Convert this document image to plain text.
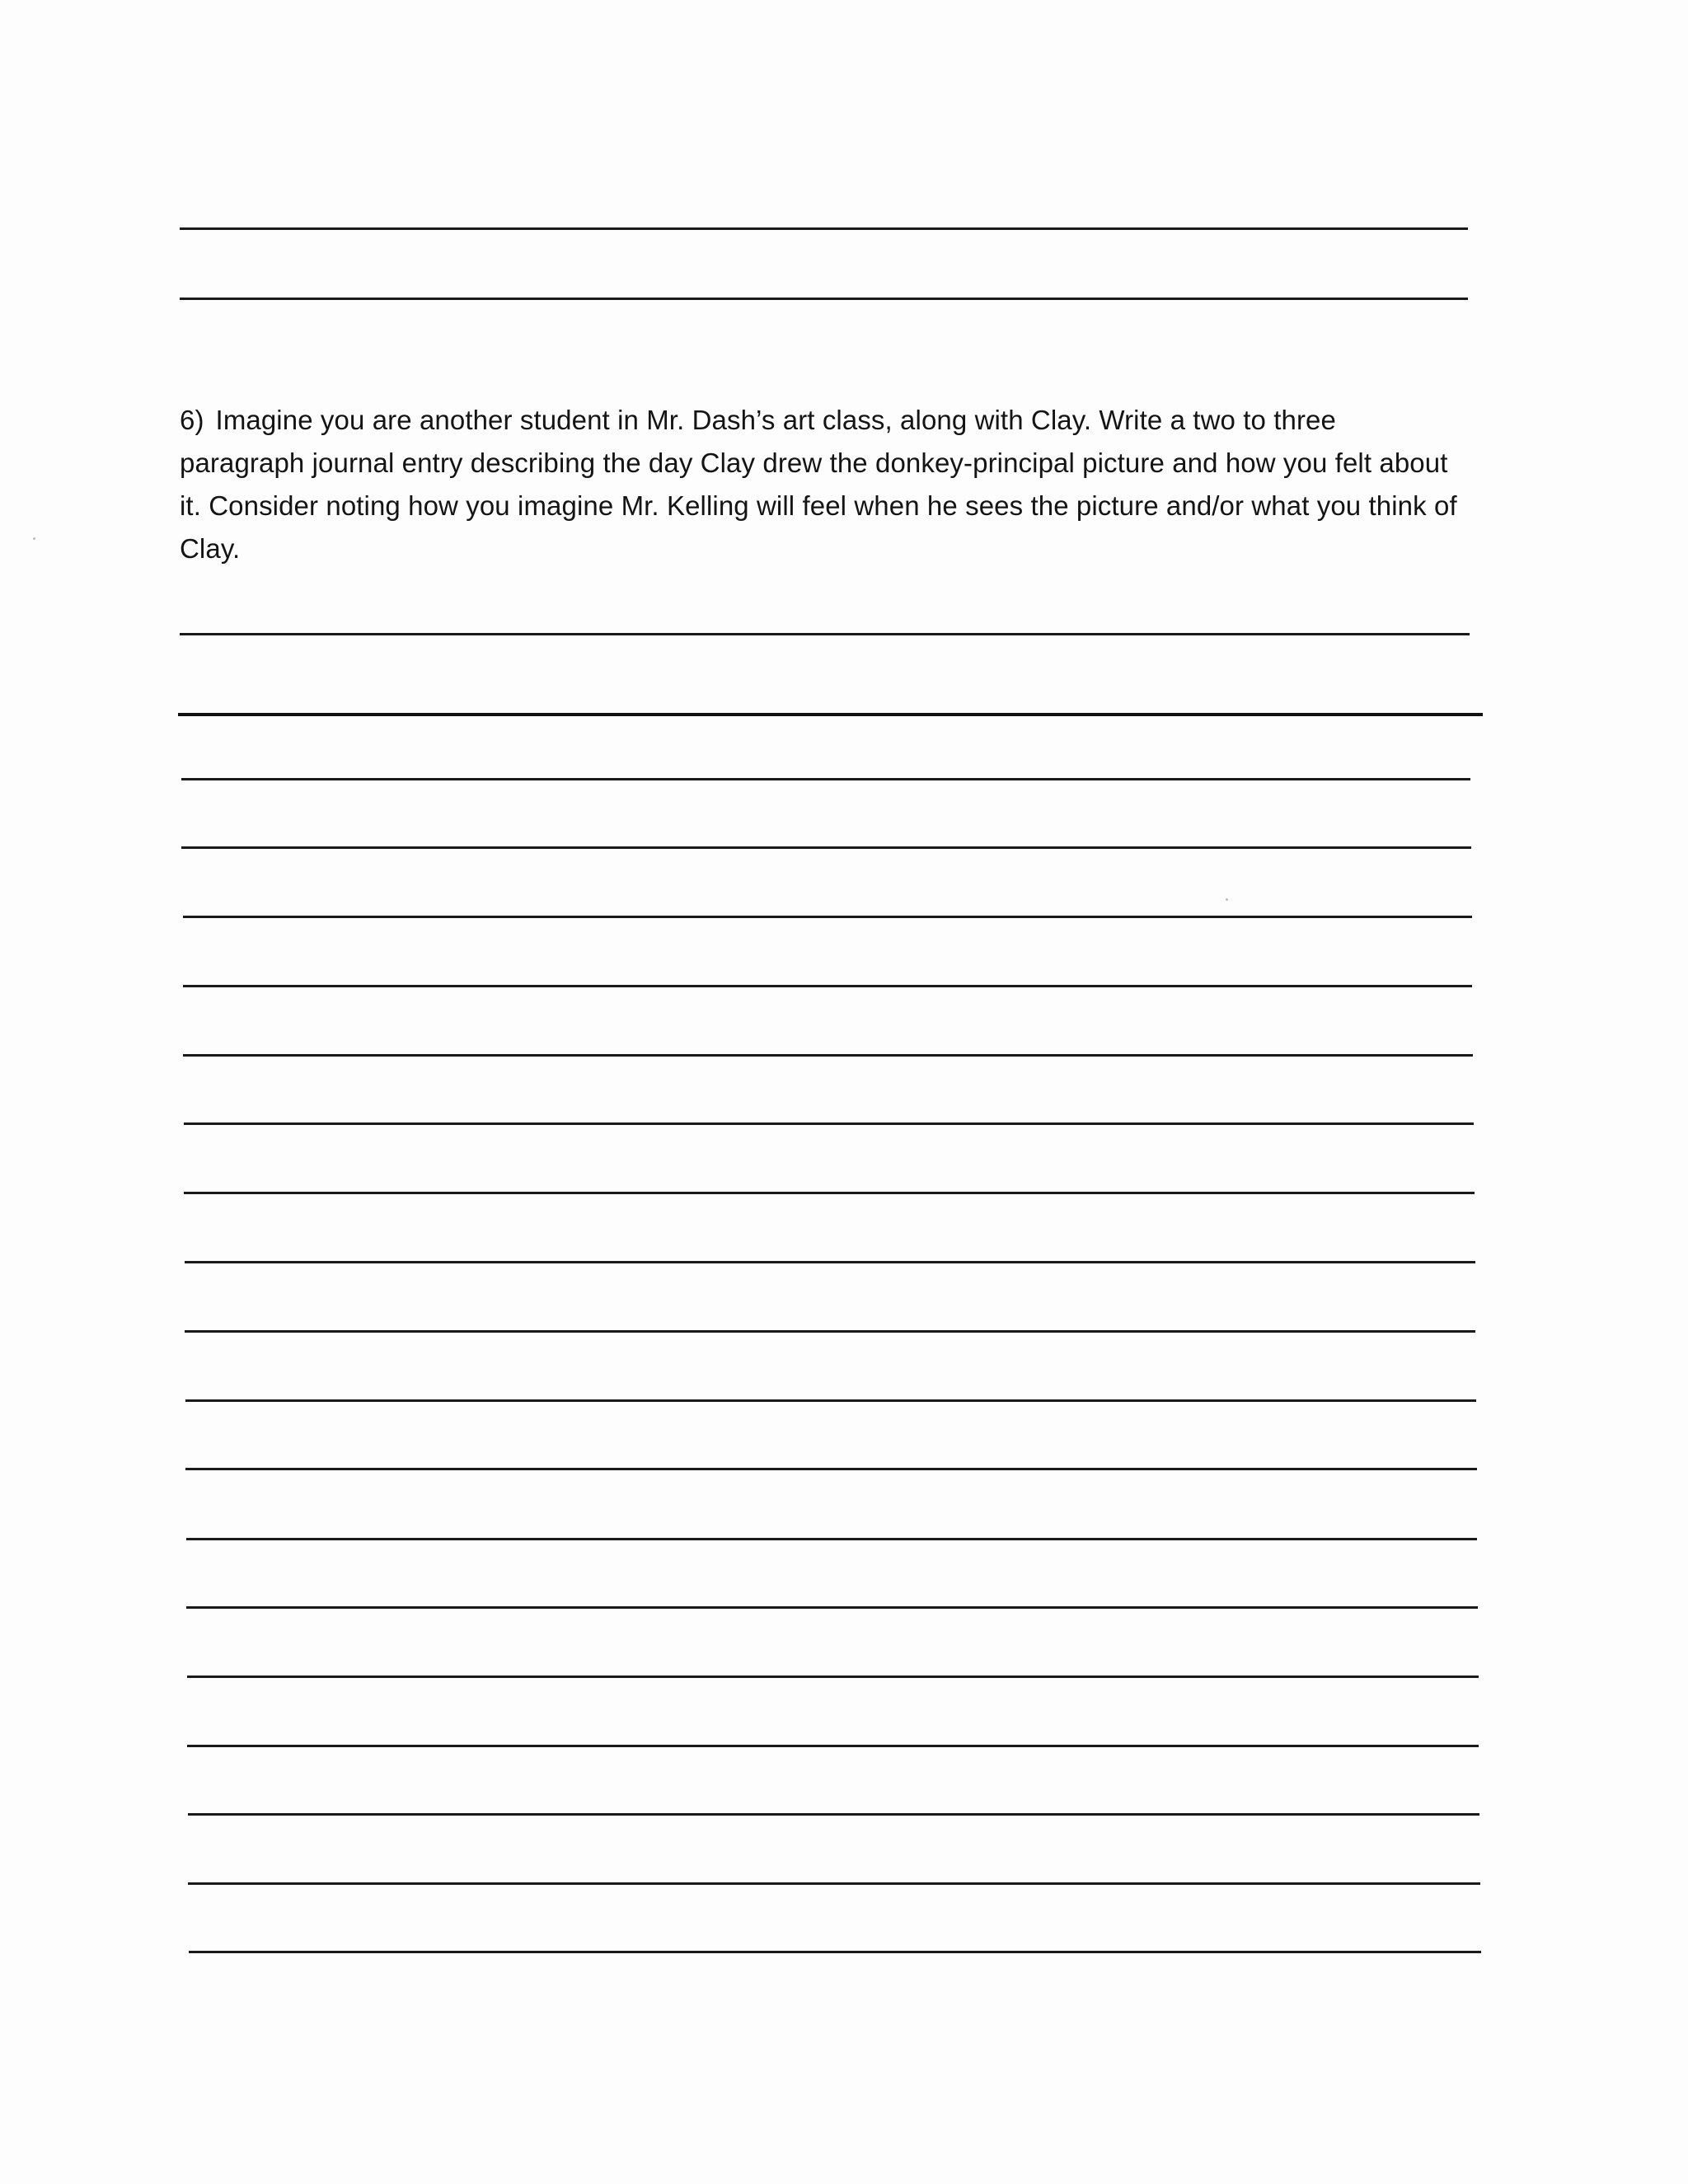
6) Imagine you are another student in Mr. Dash’s art class, along with Clay. Write a two to three paragraph journal entry describing the day Clay drew the donkey-principal picture and how you felt about it. Consider noting how you imagine Mr. Kelling will feel when he sees the picture and/or what you think of Clay.
